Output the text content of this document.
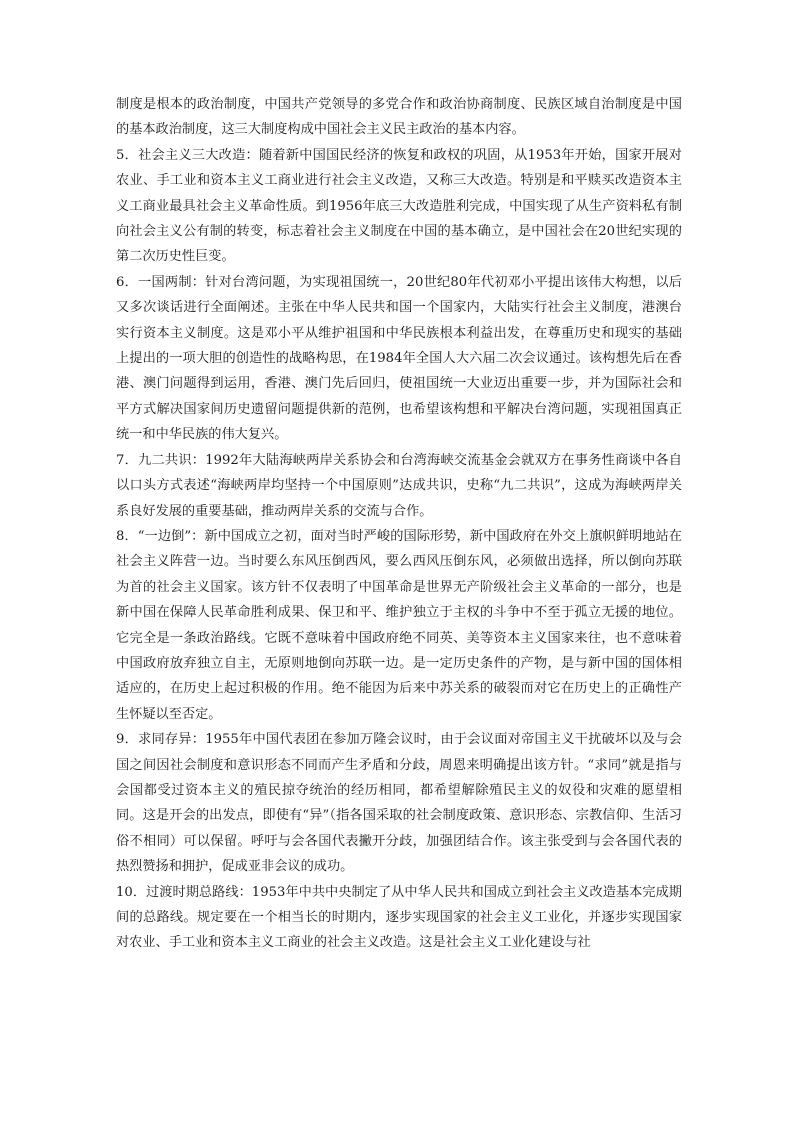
制度是根本的政治制度，中国共产党领导的多党合作和政治协商制度、民族区域自治制度是中国的基本政治制度，这三大制度构成中国社会主义民主政治的基本内容。

5．社会主义三大改造：随着新中国国民经济的恢复和政权的巩固，从1953年开始，国家开展对农业、手工业和资本主义工商业进行社会主义改造，又称三大改造。特别是和平赎买改造资本主义工商业最具社会主义革命性质。到1956年底三大改造胜利完成，中国实现了从生产资料私有制向社会主义公有制的转变，标志着社会主义制度在中国的基本确立，是中国社会在20世纪实现的第二次历史性巨变。

6．一国两制：针对台湾问题，为实现祖国统一，20世纪80年代初邓小平提出该伟大构想，以后又多次谈话进行全面阐述。主张在中华人民共和国一个国家内，大陆实行社会主义制度，港澳台实行资本主义制度。这是邓小平从维护祖国和中华民族根本利益出发，在尊重历史和现实的基础上提出的一项大胆的创造性的战略构思，在1984年全国人大六届二次会议通过。该构想先后在香港、澳门问题得到运用，香港、澳门先后回归，使祖国统一大业迈出重要一步，并为国际社会和平方式解决国家间历史遗留问题提供新的范例，也希望该构想和平解决台湾问题，实现祖国真正统一和中华民族的伟大复兴。

7．九二共识：1992年大陆海峡两岸关系协会和台湾海峡交流基金会就双方在事务性商谈中各自以口头方式表述“海峡两岸均坚持一个中国原则”达成共识，史称“九二共识”，这成为海峡两岸关系良好发展的重要基础，推动两岸关系的交流与合作。

8．“一边倒”：新中国成立之初，面对当时严峻的国际形势，新中国政府在外交上旗帜鲜明地站在社会主义阵营一边。当时要么东风压倒西风，要么西风压倒东风，必须做出选择，所以倒向苏联为首的社会主义国家。该方针不仅表明了中国革命是世界无产阶级社会主义革命的一部分，也是新中国在保障人民革命胜利成果、保卫和平、维护独立于主权的斗争中不至于孤立无援的地位。它完全是一条政治路线。它既不意味着中国政府绝不同英、美等资本主义国家来往，也不意味着中国政府放弃独立自主，无原则地倒向苏联一边。是一定历史条件的产物，是与新中国的国体相适应的，在历史上起过积极的作用。绝不能因为后来中苏关系的破裂而对它在历史上的正确性产生怀疑以至否定。

9．求同存异：1955年中国代表团在参加万隆会议时，由于会议面对帝国主义干扰破坏以及与会国之间因社会制度和意识形态不同而产生矛盾和分歧，周恩来明确提出该方针。“求同”就是指与会国都受过资本主义的殖民掠夺统治的经历相同，都希望解除殖民主义的奴役和灾难的愿望相同。这是开会的出发点，即使有“异”（指各国采取的社会制度政策、意识形态、宗教信仰、生活习俗不相同）可以保留。呼吁与会各国代表撇开分歧，加强团结合作。该主张受到与会各国代表的热烈赞扬和拥护，促成亚非会议的成功。

10．过渡时期总路线：1953年中共中央制定了从中华人民共和国成立到社会主义改造基本完成期间的总路线。规定要在一个相当长的时期内，逐步实现国家的社会主义工业化，并逐步实现国家对农业、手工业和资本主义工商业的社会主义改造。这是社会主义工业化建设与社
